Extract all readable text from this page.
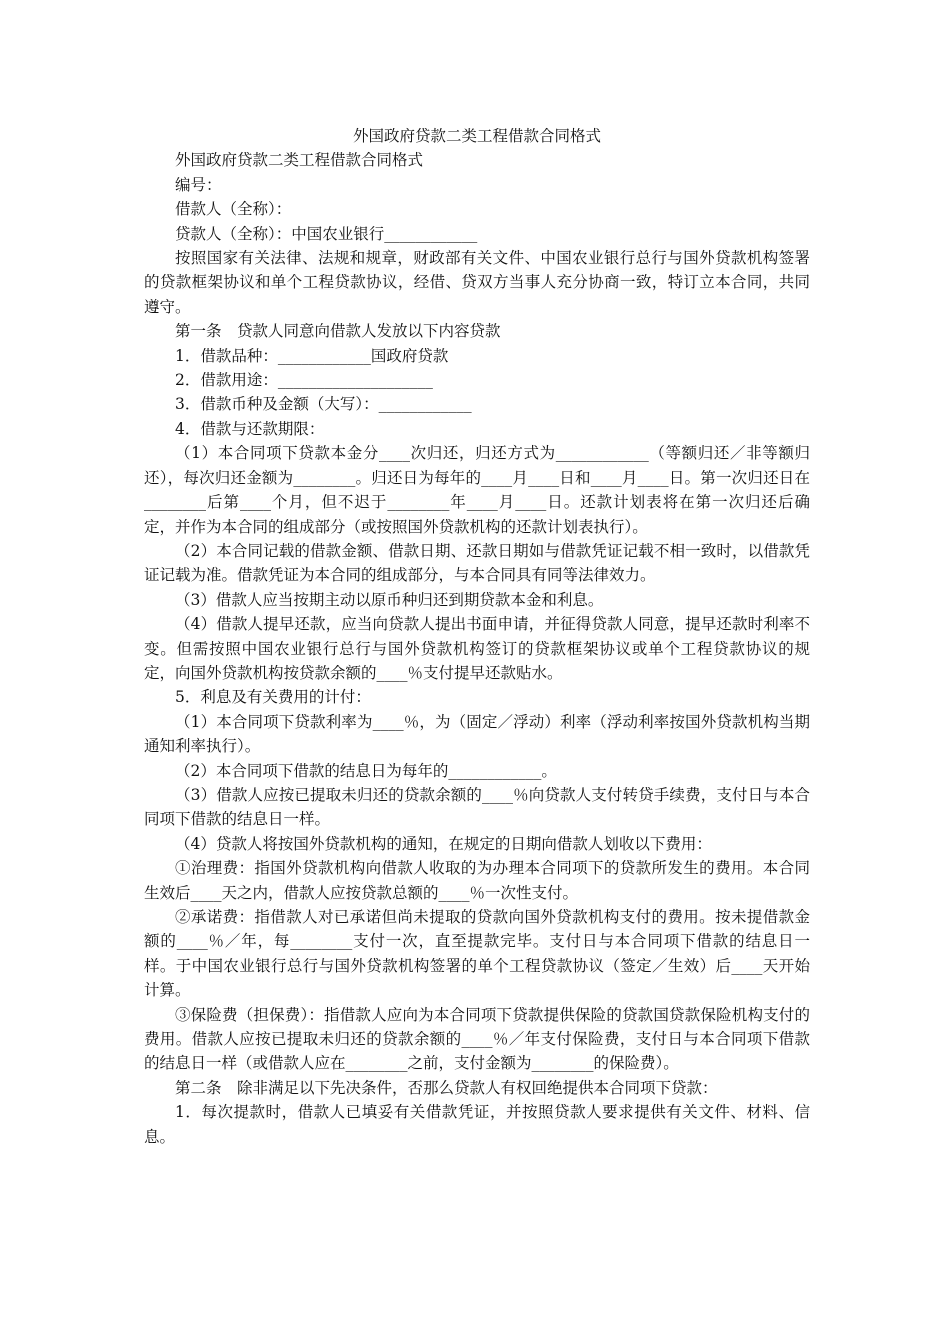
外国政府贷款二类工程借款合同格式

外国政府贷款二类工程借款合同格式

编号：

借款人（全称）：

贷款人（全称）：中国农业银行____________

按照国家有关法律、法规和规章，财政部有关文件、中国农业银行总行与国外贷款机构签署的贷款框架协议和单个工程贷款协议，经借、贷双方当事人充分协商一致，特订立本合同，共同遵守。

第一条　贷款人同意向借款人发放以下内容贷款

1．借款品种：____________国政府贷款

2．借款用途：____________________

3．借款币种及金额（大写）：____________

4．借款与还款期限：

（1）本合同项下贷款本金分____次归还，归还方式为____________（等额归还／非等额归还），每次归还金额为________。归还日为每年的____月____日和____月____日。第一次归还日在________后第____个月，但不迟于________年____月____日。还款计划表将在第一次归还后确定，并作为本合同的组成部分（或按照国外贷款机构的还款计划表执行）。

（2）本合同记载的借款金额、借款日期、还款日期如与借款凭证记载不相一致时，以借款凭证记载为准。借款凭证为本合同的组成部分，与本合同具有同等法律效力。

（3）借款人应当按期主动以原币种归还到期贷款本金和利息。

（4）借款人提早还款，应当向贷款人提出书面申请，并征得贷款人同意，提早还款时利率不变。但需按照中国农业银行总行与国外贷款机构签订的贷款框架协议或单个工程贷款协议的规定，向国外贷款机构按贷款余额的____％支付提早还款贴水。

5．利息及有关费用的计付：

（1）本合同项下贷款利率为____％，为（固定／浮动）利率（浮动利率按国外贷款机构当期通知利率执行）。

（2）本合同项下借款的结息日为每年的____________。

（3）借款人应按已提取未归还的贷款余额的____％向贷款人支付转贷手续费，支付日与本合同项下借款的结息日一样。

（4）贷款人将按国外贷款机构的通知，在规定的日期向借款人划收以下费用：

①治理费：指国外贷款机构向借款人收取的为办理本合同项下的贷款所发生的费用。本合同生效后____天之内，借款人应按贷款总额的____％一次性支付。

②承诺费：指借款人对已承诺但尚未提取的贷款向国外贷款机构支付的费用。按未提借款金额的____％／年，每________支付一次，直至提款完毕。支付日与本合同项下借款的结息日一样。于中国农业银行总行与国外贷款机构签署的单个工程贷款协议（签定／生效）后____天开始计算。

③保险费（担保费）：指借款人应向为本合同项下贷款提供保险的贷款国贷款保险机构支付的费用。借款人应按已提取未归还的贷款余额的____％／年支付保险费，支付日与本合同项下借款的结息日一样（或借款人应在________之前，支付金额为________的保险费）。

第二条　除非满足以下先决条件，否那么贷款人有权回绝提供本合同项下贷款：

1．每次提款时，借款人已填妥有关借款凭证，并按照贷款人要求提供有关文件、材料、信息。
